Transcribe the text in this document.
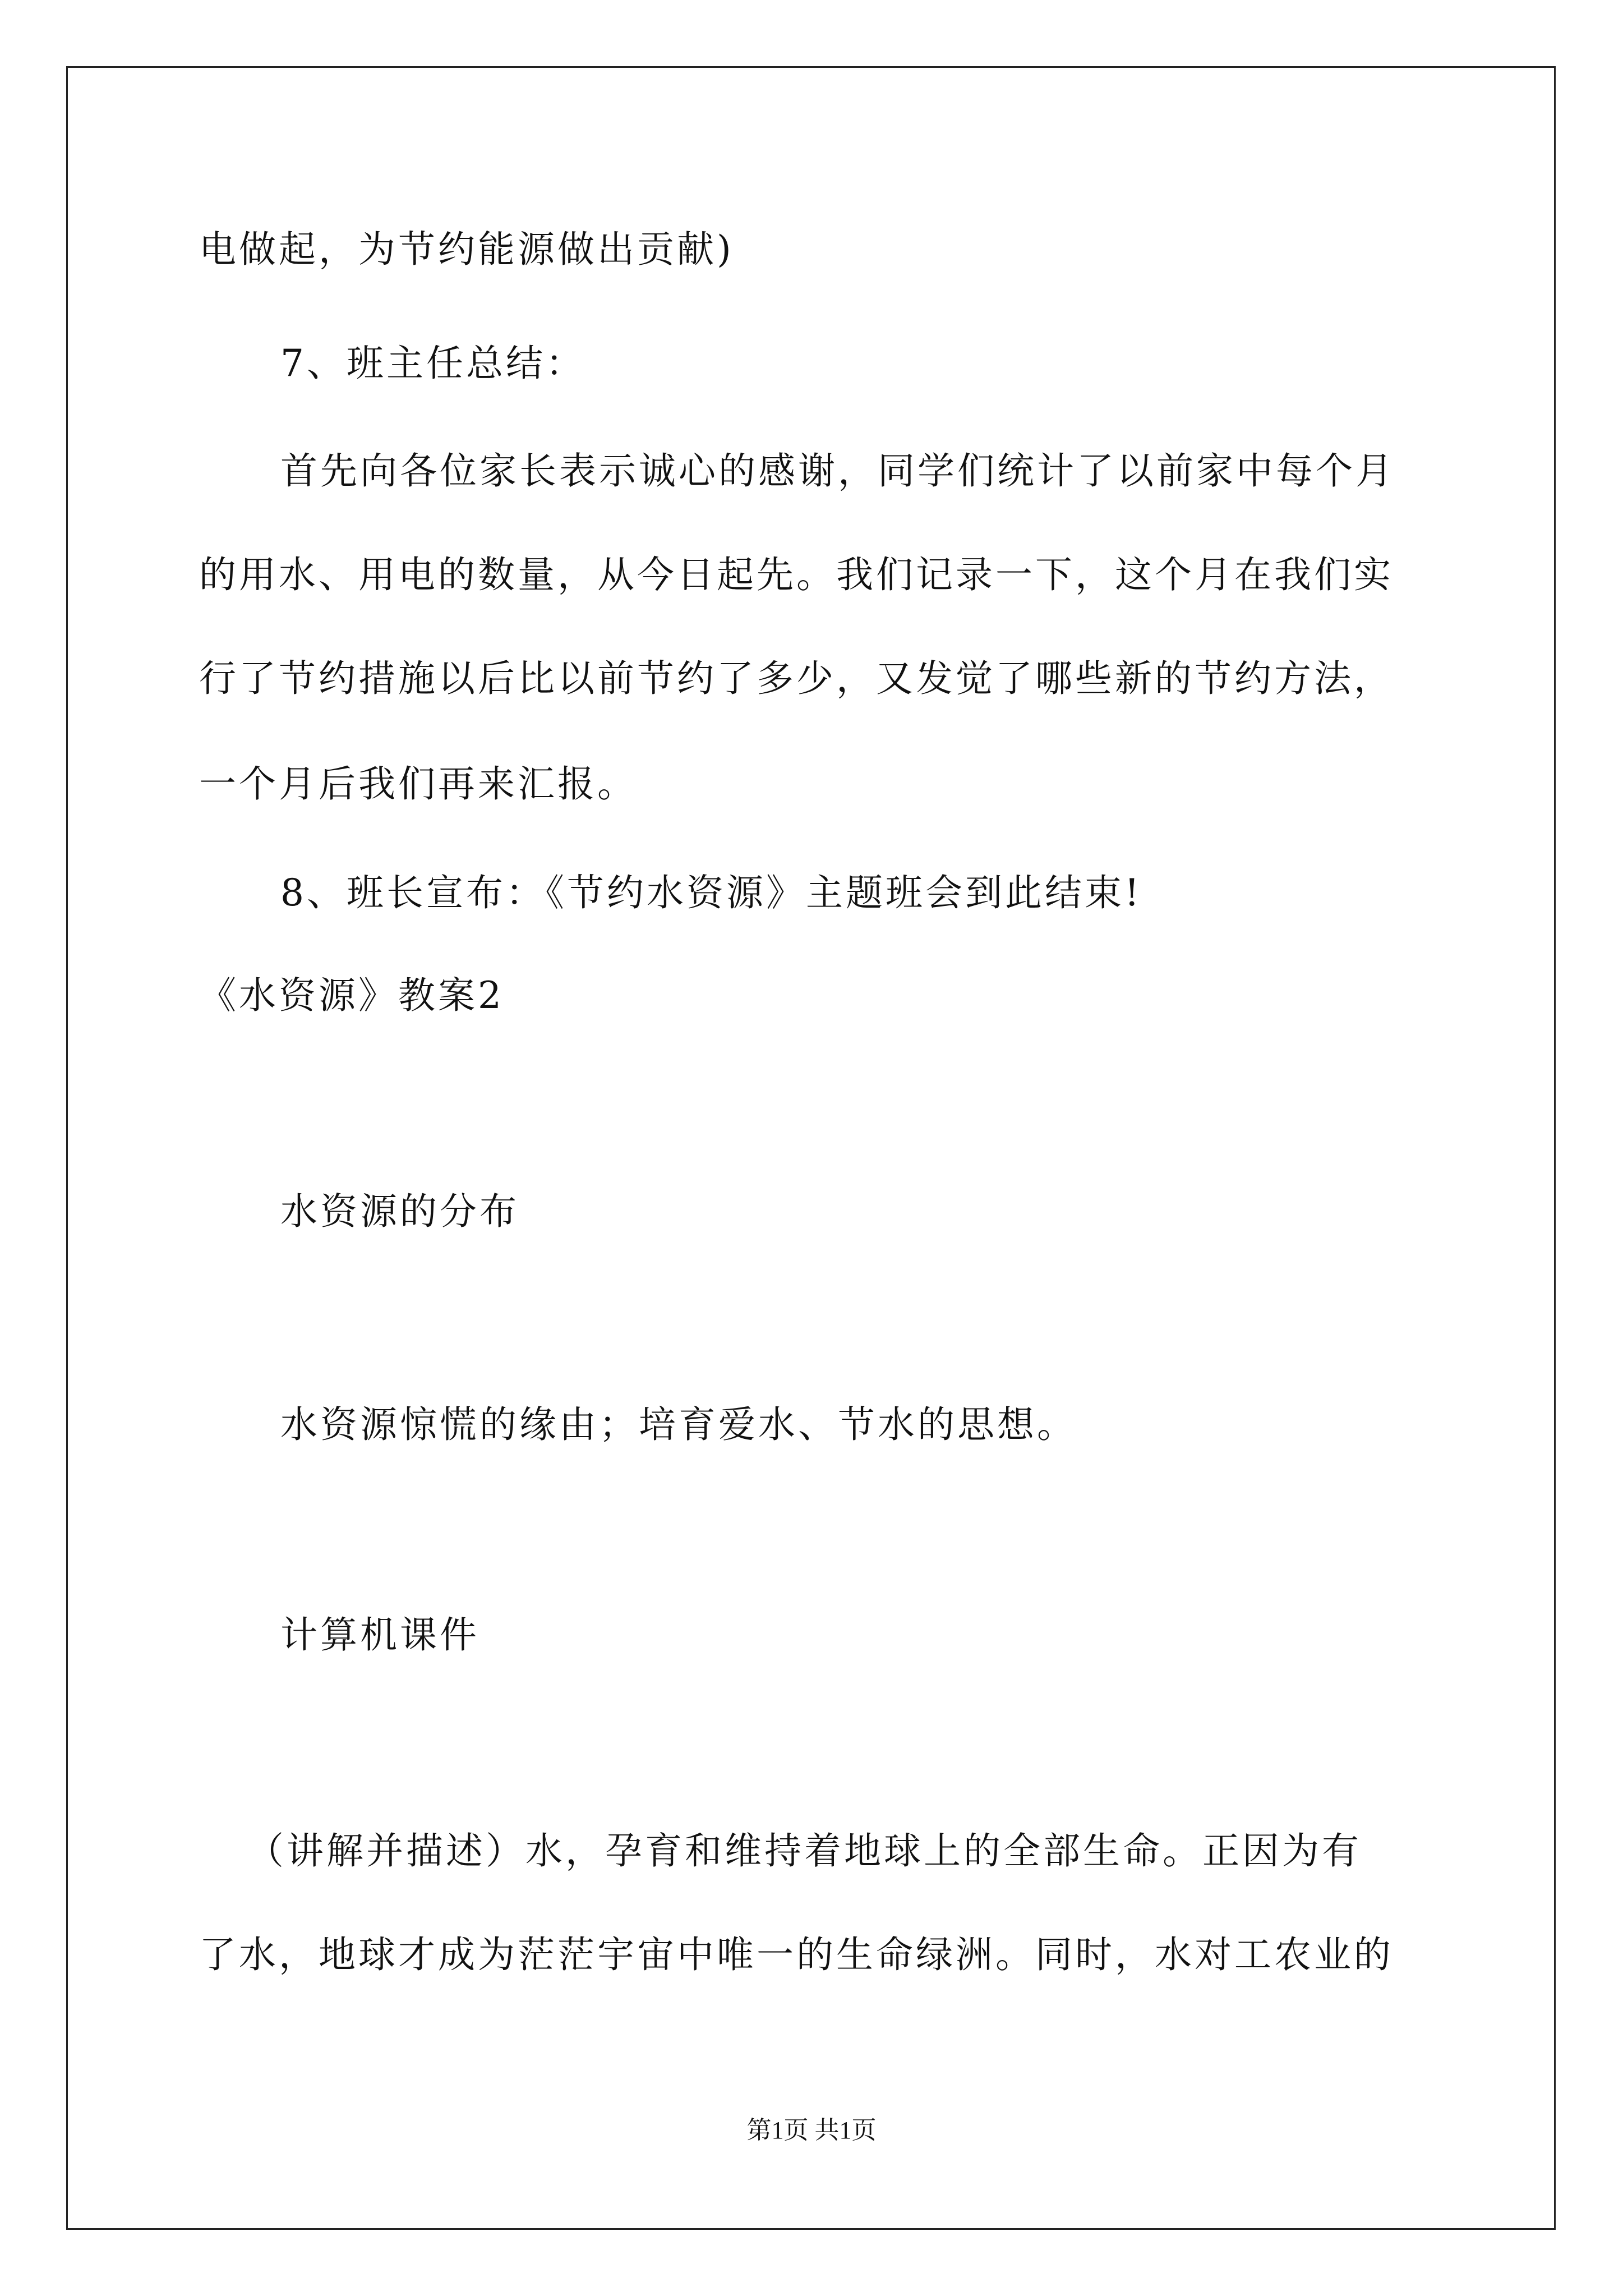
电做起，为节约能源做出贡献)
7、班主任总结：
首先向各位家长表示诚心的感谢，同学们统计了以前家中每个月
的用水、用电的数量，从今日起先。我们记录一下，这个月在我们实
行了节约措施以后比以前节约了多少，又发觉了哪些新的节约方法，
一个月后我们再来汇报。
8、班长宣布：《节约水资源》主题班会到此结束!
《水资源》教案2
水资源的分布
水资源惊慌的缘由；培育爱水、节水的思想。
计算机课件
（讲解并描述）水，孕育和维持着地球上的全部生命。正因为有
了水，地球才成为茫茫宇宙中唯一的生命绿洲。同时，水对工农业的
第1页 共1页
